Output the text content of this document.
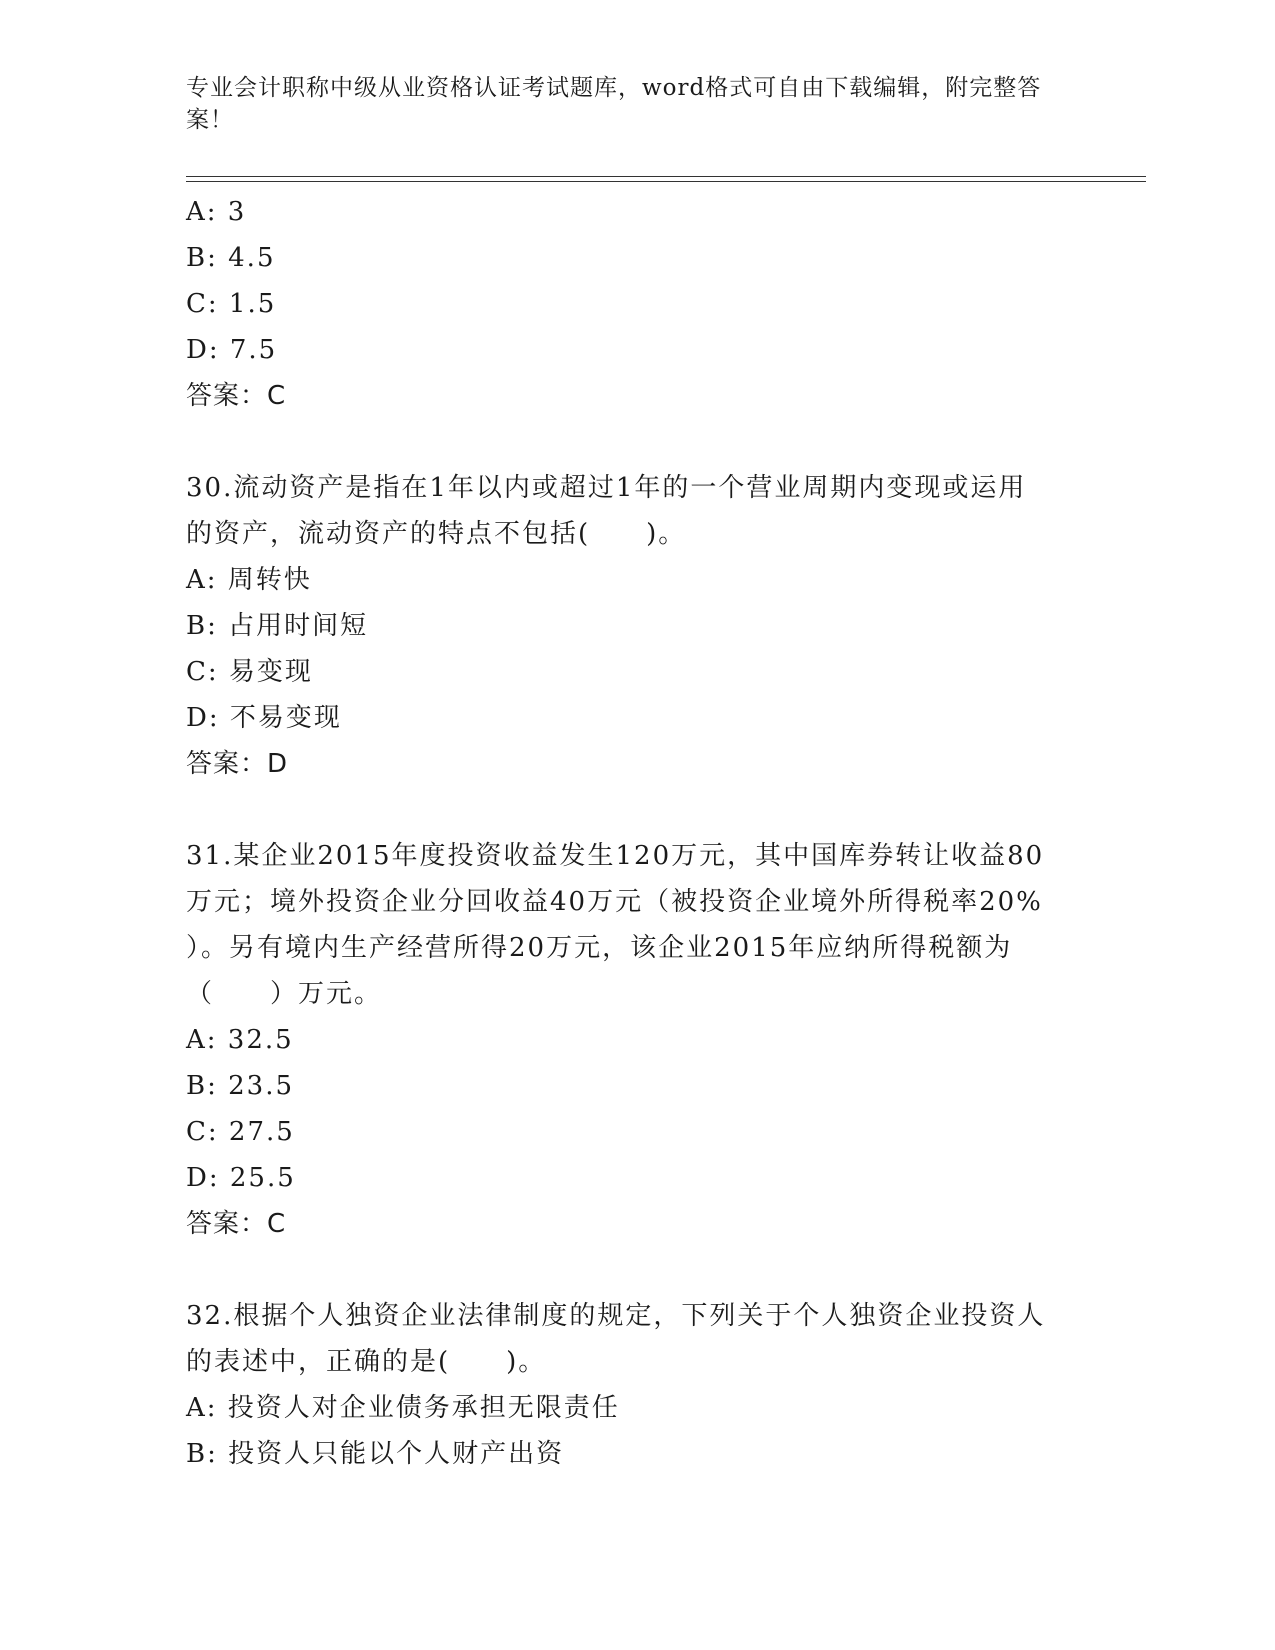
专业会计职称中级从业资格认证考试题库，word格式可自由下载编辑，附完整答案！
A: 3
B: 4.5
C: 1.5
D: 7.5
答案：C
30.流动资产是指在1年以内或超过1年的一个营业周期内变现或运用
的资产，流动资产的特点不包括(　　)。
A: 周转快
B: 占用时间短
C: 易变现
D: 不易变现
答案：D
31.某企业2015年度投资收益发生120万元，其中国库券转让收益80
万元；境外投资企业分回收益40万元（被投资企业境外所得税率20%
）。另有境内生产经营所得20万元，该企业2015年应纳所得税额为
（　　）万元。
A: 32.5
B: 23.5
C: 27.5
D: 25.5
答案：C
32.根据个人独资企业法律制度的规定，下列关于个人独资企业投资人
的表述中，正确的是(　　)。
A: 投资人对企业债务承担无限责任
B: 投资人只能以个人财产出资
